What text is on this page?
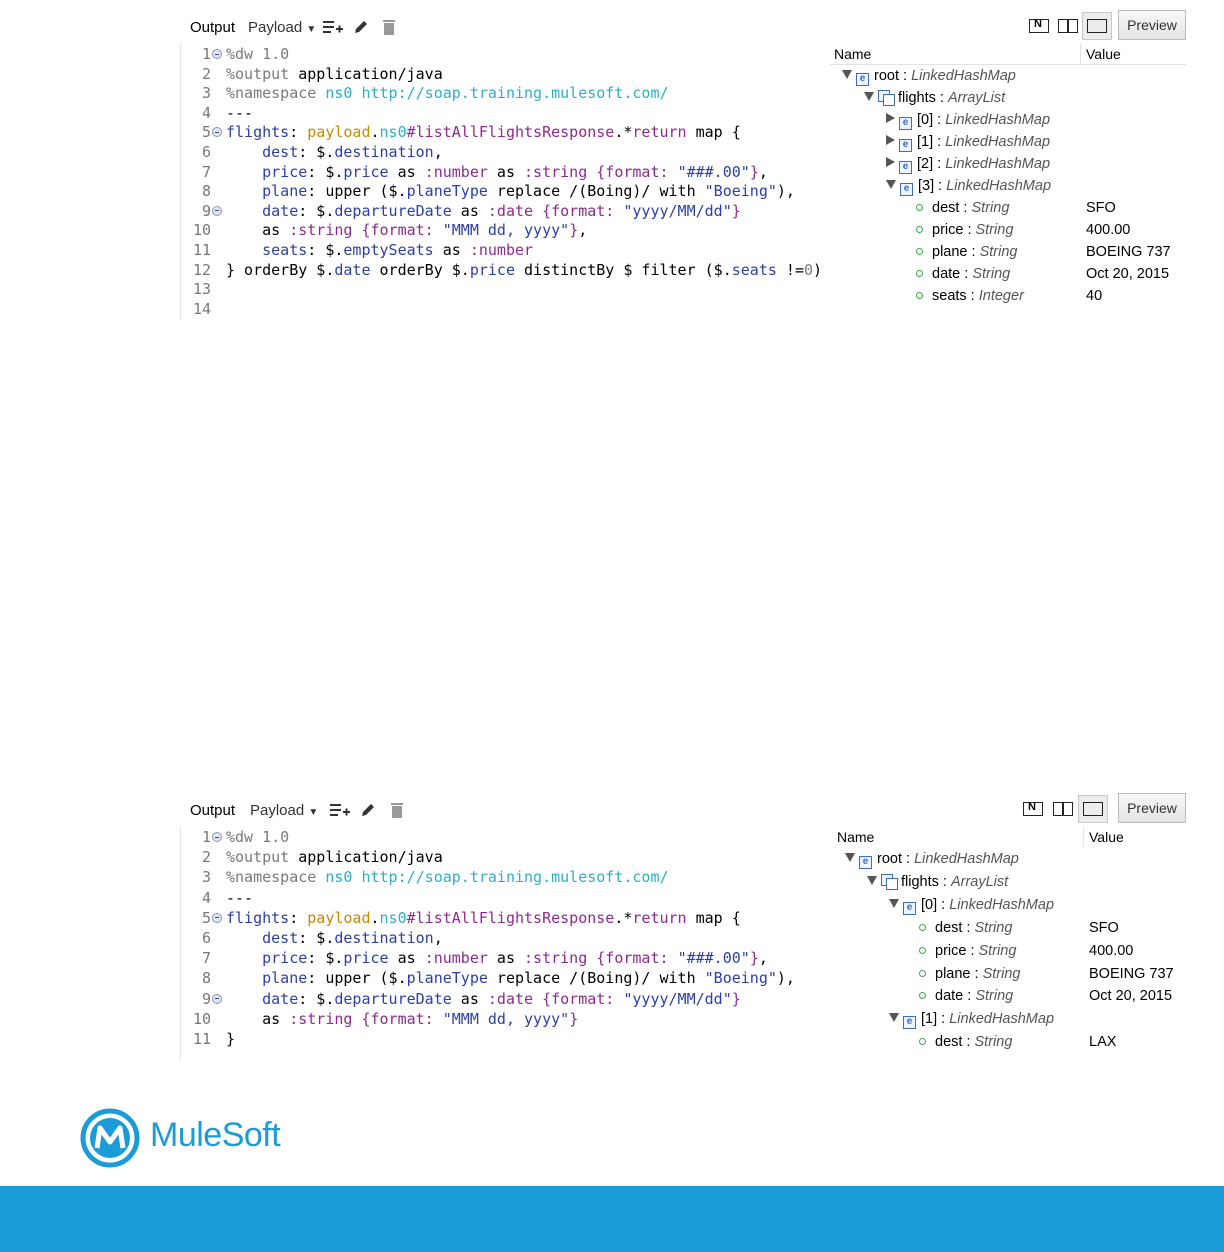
Output Payload ▼ N	Preview
1 %dw 1.0
2 %output application/java
3 %namespace ns0 http://soap.training.mulesoft.com/
4 ---
5 flights: payload.ns0#listAllFlightsResponse.*return map {
6	dest: $.destination,
7	price: $.price as :number as :string {format: "###.00"},
8	plane: upper ($.planeType replace /(Boing)/ with "Boeing"),
9	date: $.departureDate as :date {format: "yyyy/MM/dd"}
10 as :string {format: "MMM dd, yyyy"},
11	seats: $.emptySeats as :number
12 } orderBy $.date orderBy $.price distinctBy $ filter ($.seats !=0)
13
14
Name	Value
e root : LinkedHashMap
flights : ArrayList
e [0] : LinkedHashMap
e [1] : LinkedHashMap
e [2] : LinkedHashMap
e [3] : LinkedHashMap
dest : String	SFO
price : String	400.00
plane : String	BOEING 737
date : String	Oct 20, 2015
seats : Integer	40
Output Payload ▼ N	Preview
1 %dw 1.0
2 %output application/java
3 %namespace ns0 http://soap.training.mulesoft.com/
4 ---
5 flights: payload.ns0#listAllFlightsResponse.*return map {
6	dest: $.destination,
7	price: $.price as :number as :string {format: "###.00"},
8	plane: upper ($.planeType replace /(Boing)/ with "Boeing"),
9	date: $.departureDate as :date {format: "yyyy/MM/dd"}
10 as :string {format: "MMM dd, yyyy"}
11 }
Name	Value
e root : LinkedHashMap
flights : ArrayList
e [0] : LinkedHashMap
dest : String	SFO
price : String	400.00
plane : String	BOEING 737
date : String	Oct 20, 2015
e [1] : LinkedHashMap
dest : String	LAX
MuleSoft
